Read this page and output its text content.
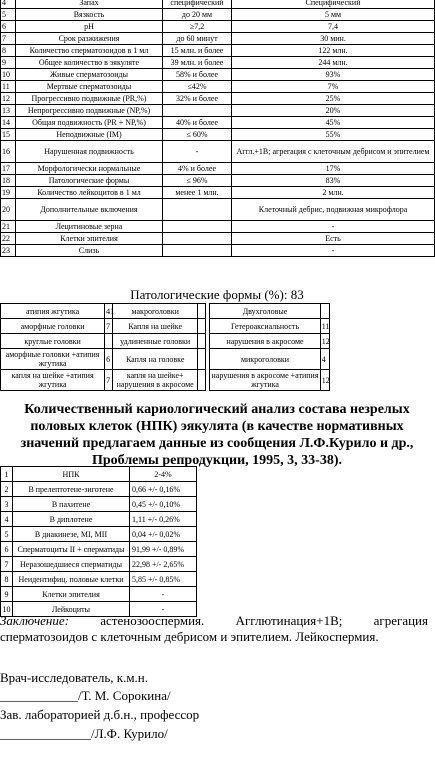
4	Запах	специфический	Специфический
5	Вязкость	до 20 мм	5 мм
6	pH	≥7,2	7,4
7	Срок разжижения	до 60 минут	30 мин.
8	Количество сперматозоидов в 1 мл	15 млн. и более	122 млн.
9	Общее количество в эякуляте	39 млн. и более	244 млн.
10	Живые сперматозоиды	58% и более	93%
11	Мертвые сперматозоиды	≤42%	7%
12	Прогрессивно подвижные (PR,%)	32% и более	25%
13	Непрогрессивно подвижные (NP,%)		20%
14	Общая подвижность (PR + NP,%)	40% и более	45%
15	Неподвижные (IM)	≤ 60%	55%
16	Нарушенная подвижность	-	Аггл.+1В; агрегация с клеточным дебрисом и эпителием
17	Морфологически нормальные	4% и более	17%
18	Патологические формы	≤ 96%	83%
19	Количество лейкоцитов в 1 мл	менее 1 млн.	2 млн.
20	Дополнительные включения		Клеточный дебрис, подвижная микрофлора
21	Лецитиновые зерна		-
22	Клетки эпителия		Есть
23	Слизь		-
Патологические формы (%): 83
атипия жгутика	41	макроголовки			Двухголовые	
аморфные головки	7	Капля на шейке			Гетероаксиальность	11
круглые головки		удлиненные головки			нарушения в акросоме	12
аморфные головки +атипия жгутика	6	Капля на головке			микроголовки	4
капля на шейке +атипия жгутика	7	капля на шейке+ нарушения в акросоме			нарушения в акросоме +атипия жгутика	12
Количественный кариологический анализ состава незрелых половых клеток (НПК) эякулята (в качестве нормативных значений предлагаем данные из сообщения Л.Ф.Курило и др., Проблемы репродукции, 1995, 3, 33-38).
1	НПК	2-4%
2	В прелептотене-зиготене	0,66 +/- 0,16%
3	В пахитене	0,45 +/- 0,10%
4	В диплотене	1,11 +/- 0,26%
5	В диакинезе, MI, MII	0,04 +/- 0,02%
6	Сперматоциты II + сперматиды	91,99 +/- 0,89%
7	Неразошедшиеся сперматиды	22,98 +/- 2,65%
8	Неидентифиц. половые клетки	5,85 +/- 0,85%
9	Клетки эпителия	-
10	Лейкоциты	-
Заключение: астенозооспермия. Агглютинация+1В; агрегация сперматозоидов с клеточным дебрисом и эпителием. Лейкоспермия.
Врач-исследователь, к.м.н.
____________/Т. М. Сорокина/
Зав. лабораторией д.б.н., профессор
______________/Л.Ф. Курило/
